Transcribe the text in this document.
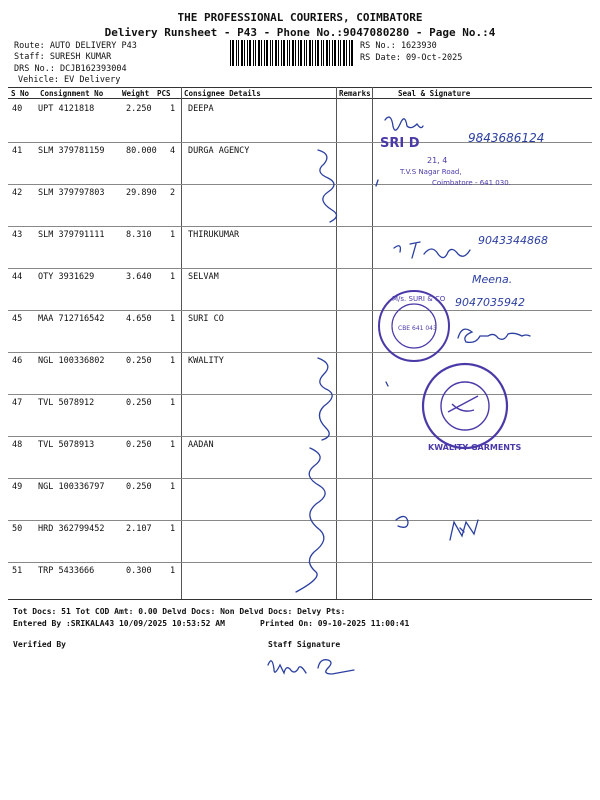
THE PROFESSIONAL COURIERS, COIMBATORE
Delivery Runsheet - P43 - Phone No.:9047080280 - Page No.:4
Route: AUTO DELIVERY P43
Staff: SURESH KUMAR
DRS No.: DCJB162393004
Vehicle: EV Delivery
RS No.: 1623930
RS Date: 09-Oct-2025
S No Consignment No	Weight PCS Consignee Details	Remarks	Seal & Signature
40 UPT 4121818	2.250 1 DEEPA
41 SLM 379781159	80.000 4 DURGA AGENCY
42 SLM 379797803	29.890 2
43 SLM 379791111	8.310 1 THIRUKUMAR
44 OTY 3931629	3.640 1 SELVAM
45 MAA 712716542	4.650 1 SURI CO
46 NGL 100336802	0.250 1 KWALITY
47 TVL 5078912	0.250 1
48 TVL 5078913	0.250 1 AADAN
49 NGL 100336797	0.250 1
50 HRD 362799452	2.107 1
51 TRP 5433666	0.300 1
Tot Docs: 51 Tot COD Amt: 0.00 Delvd Docs: Non Delvd Docs: Delvy Pts:
Entered By :SRIKALA43 10/09/2025 10:53:52 AM	Printed On: 09-10-2025 11:00:41
Verified By	Staff Signature
SRI D
21, 4
T.V.S Nagar Road,
Coimbatore - 641 030.
9843686124
9043344868
Meena.
9047035942
M/s. SURI & CO
CBE 641 043
KWALITY GARMENTS
